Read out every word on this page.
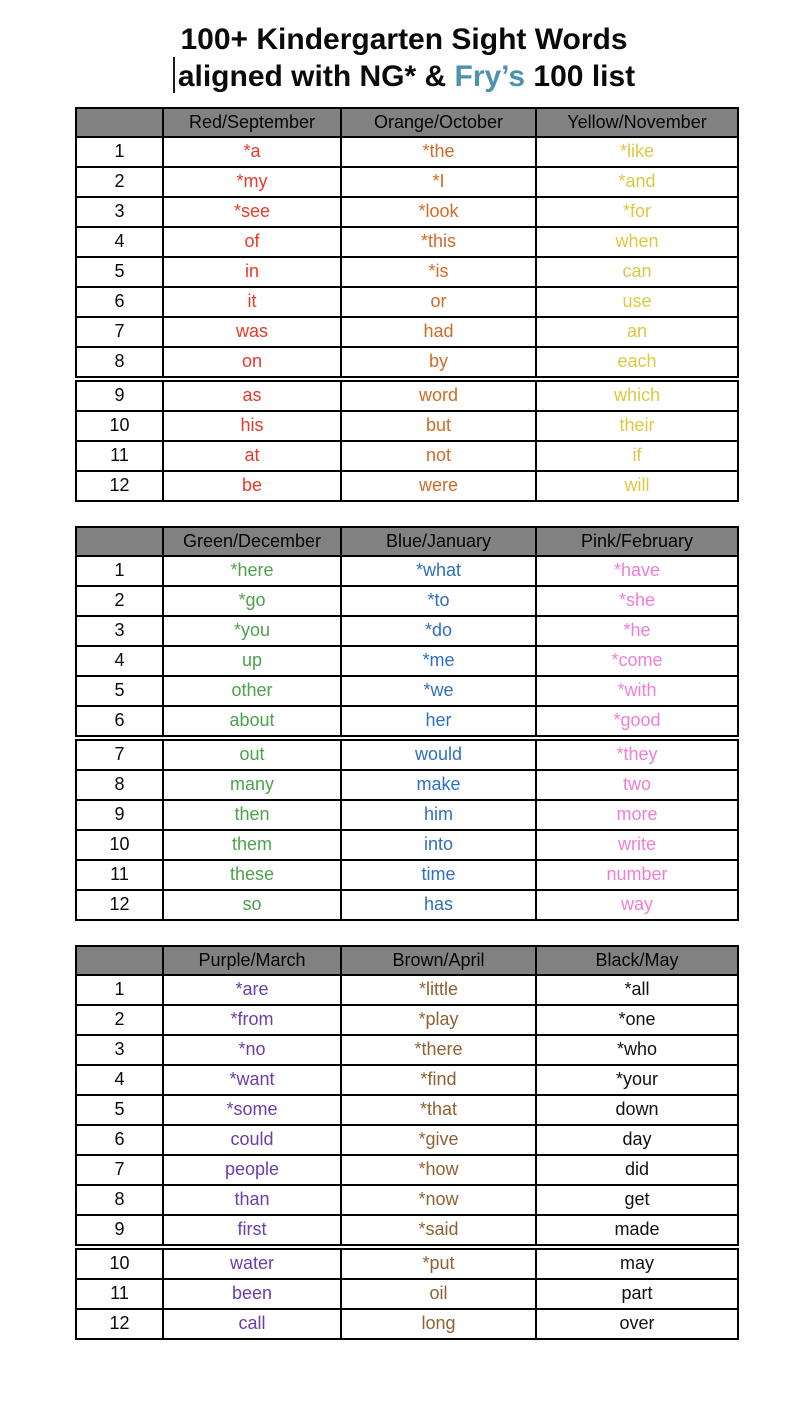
100+ Kindergarten Sight Words
aligned with NG* & Fry’s 100 list
	Red/September	Orange/October	Yellow/November
1	*a	*the	*like
2	*my	*I	*and
3	*see	*look	*for
4	of	*this	when
5	in	*is	can
6	it	or	use
7	was	had	an
8	on	by	each

9	as	word	which
10	his	but	their
11	at	not	if
12	be	were	will
	Green/December	Blue/January	Pink/February
1	*here	*what	*have
2	*go	*to	*she
3	*you	*do	*he
4	up	*me	*come
5	other	*we	*with
6	about	her	*good

7	out	would	*they
8	many	make	two
9	then	him	more
10	them	into	write
11	these	time	number
12	so	has	way
	Purple/March	Brown/April	Black/May
1	*are	*little	*all
2	*from	*play	*one
3	*no	*there	*who
4	*want	*find	*your
5	*some	*that	down
6	could	*give	day
7	people	*how	did
8	than	*now	get
9	first	*said	made

10	water	*put	may
11	been	oil	part
12	call	long	over
